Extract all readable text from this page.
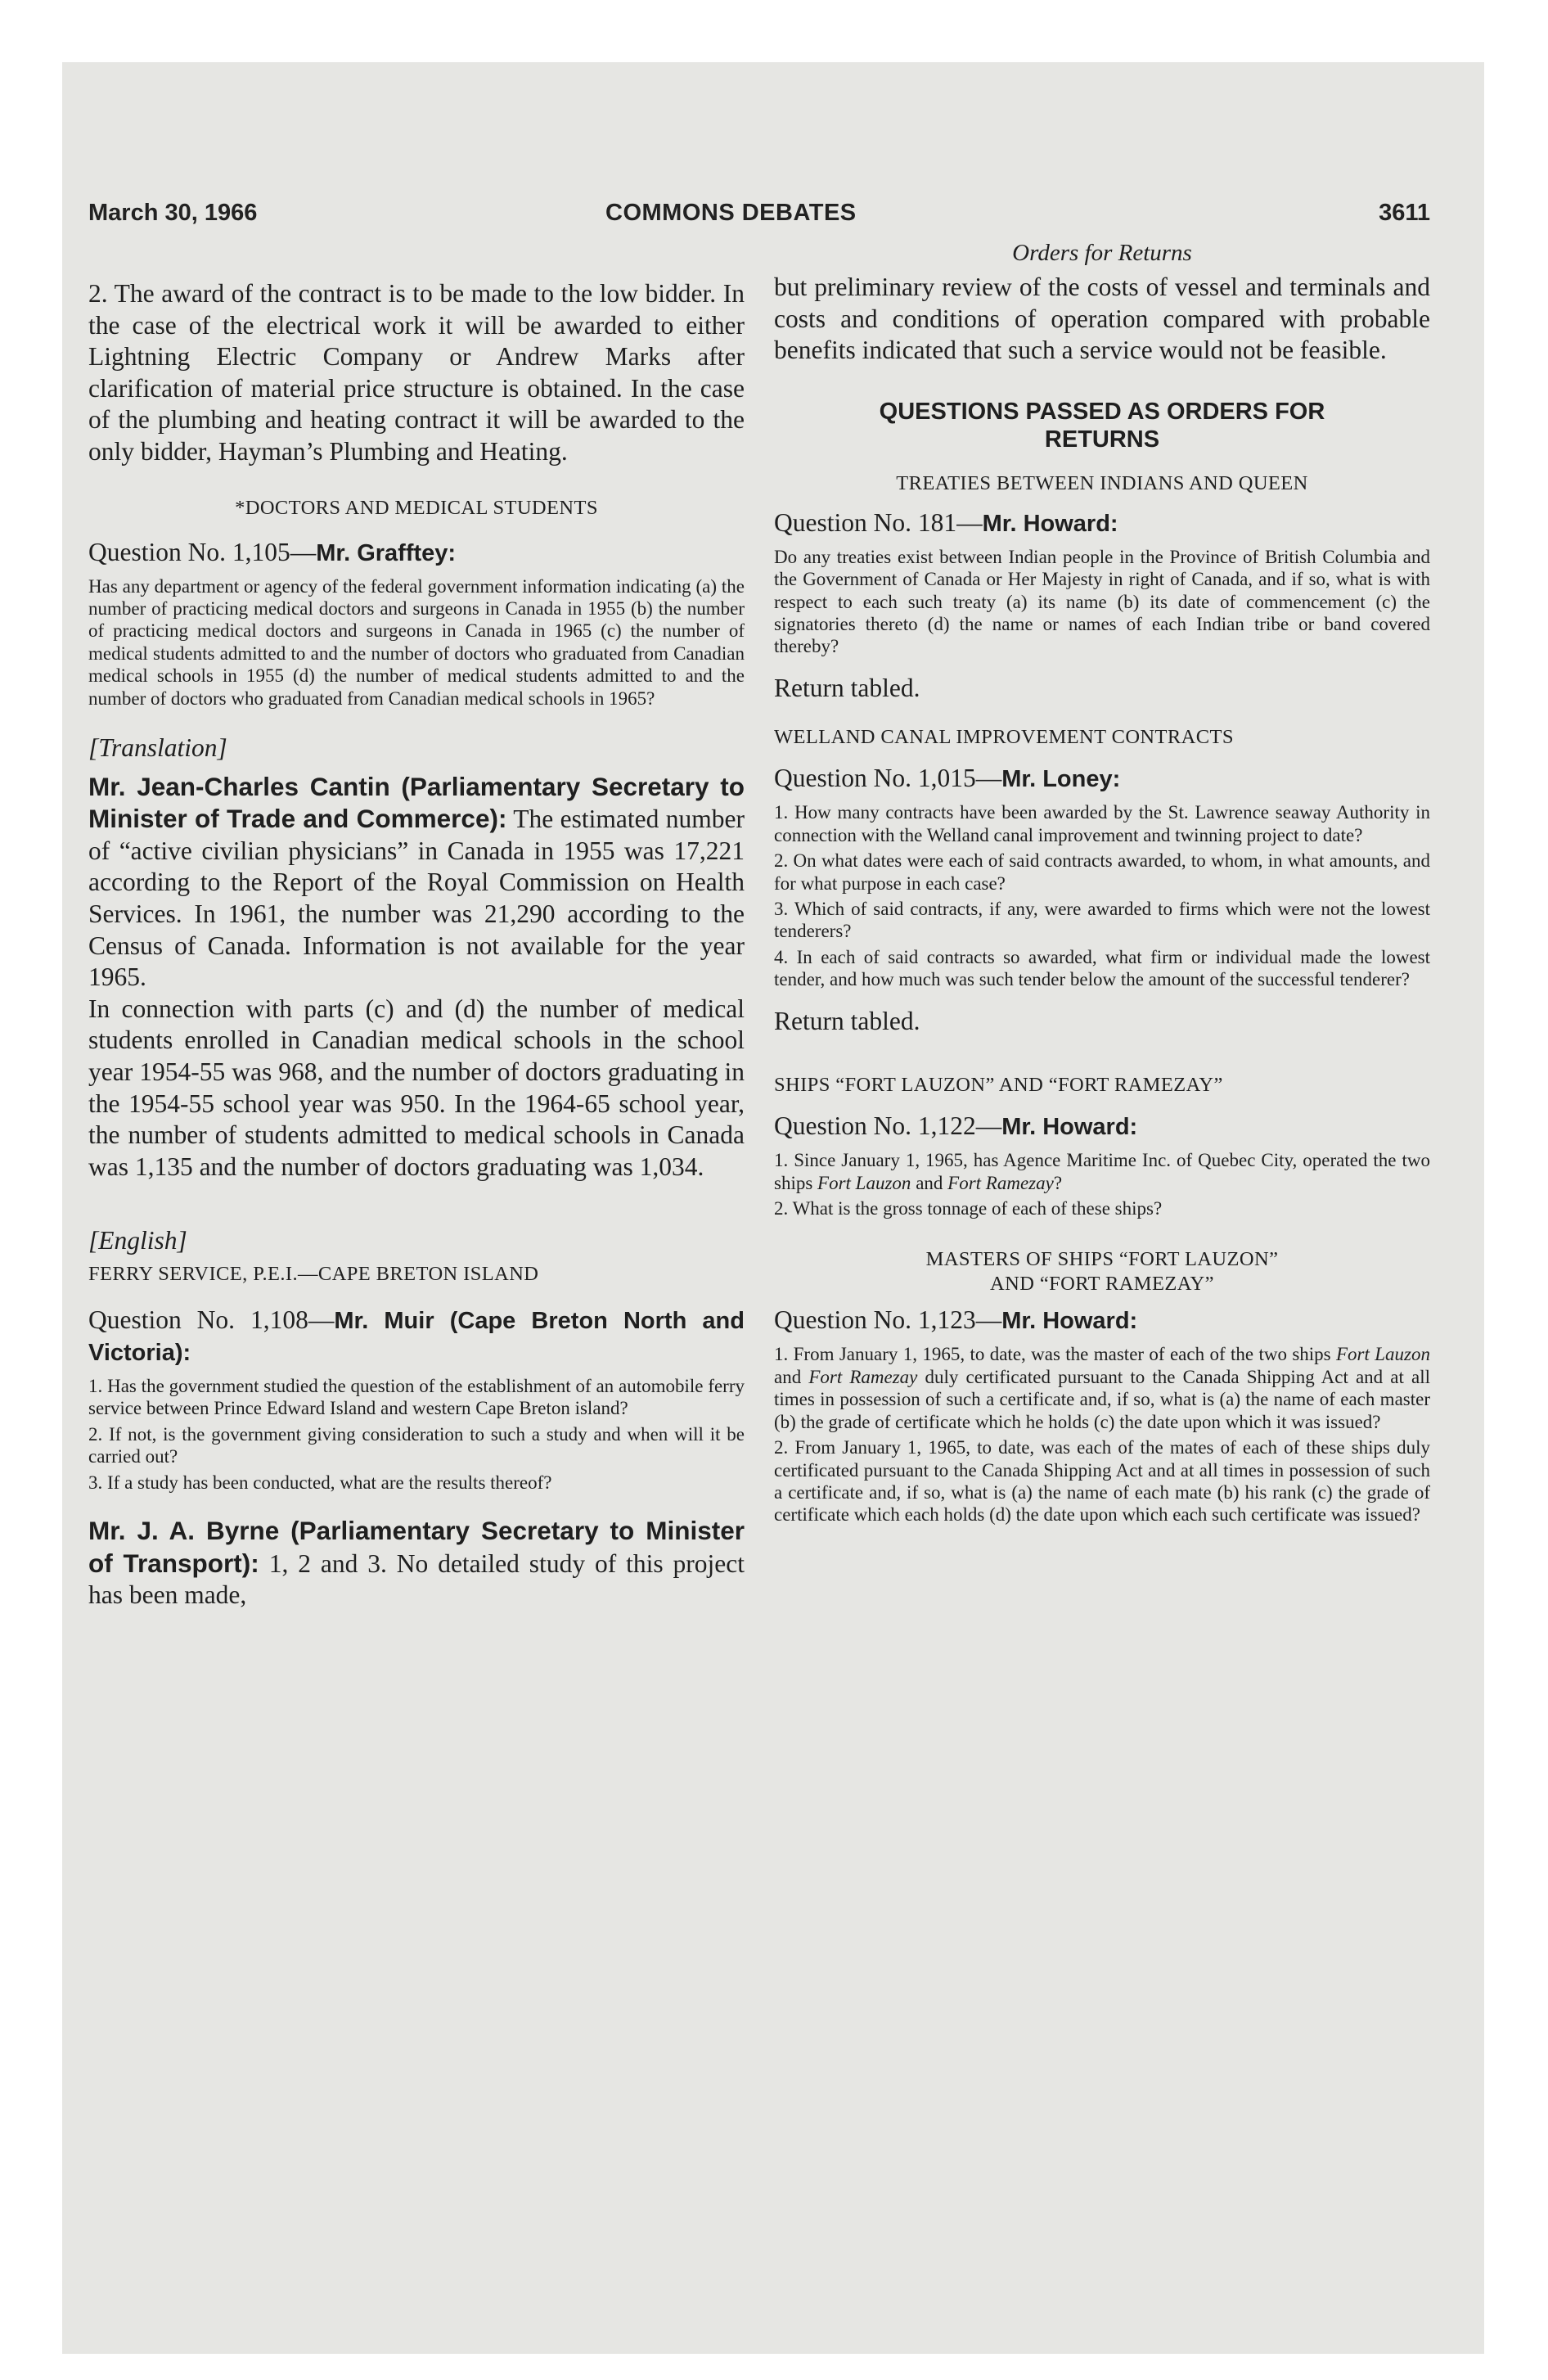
March 30, 1966	COMMONS DEBATES	3611

2. The award of the contract is to be made to the low bidder. In the case of the electrical work it will be awarded to either Lightning Electric Company or Andrew Marks after clarification of material price structure is obtained. In the case of the plumbing and heating contract it will be awarded to the only bidder, Hayman’s Plumbing and Heating.

*DOCTORS AND MEDICAL STUDENTS

Question No. 1,105—Mr. Grafftey:

Has any department or agency of the federal government information indicating (a) the number of practicing medical doctors and surgeons in Canada in 1955 (b) the number of practicing medical doctors and surgeons in Canada in 1965 (c) the number of medical students admitted to and the number of doctors who graduated from Canadian medical schools in 1955 (d) the number of medical students admitted to and the number of doctors who graduated from Canadian medical schools in 1965?

[Translation]

Mr. Jean-Charles Cantin (Parliamentary Secretary to Minister of Trade and Commerce): The estimated number of “active civilian physicians” in Canada in 1955 was 17,221 according to the Report of the Royal Commission on Health Services. In 1961, the number was 21,290 according to the Census of Canada. Information is not available for the year 1965.

In connection with parts (c) and (d) the number of medical students enrolled in Canadian medical schools in the school year 1954-55 was 968, and the number of doctors graduating in the 1954-55 school year was 950. In the 1964-65 school year, the number of students admitted to medical schools in Canada was 1,135 and the number of doctors graduating was 1,034.

[English]

FERRY SERVICE, P.E.I.—CAPE BRETON ISLAND

Question No. 1,108—Mr. Muir (Cape Breton North and Victoria):

1. Has the government studied the question of the establishment of an automobile ferry service between Prince Edward Island and western Cape Breton island?

2. If not, is the government giving consideration to such a study and when will it be carried out?

3. If a study has been conducted, what are the results thereof?

Mr. J. A. Byrne (Parliamentary Secretary to Minister of Transport): 1, 2 and 3. No detailed study of this project has been made,

Orders for Returns

but preliminary review of the costs of vessel and terminals and costs and conditions of operation compared with probable benefits indicated that such a service would not be feasible.

QUESTIONS PASSED AS ORDERS FOR RETURNS

TREATIES BETWEEN INDIANS AND QUEEN

Question No. 181—Mr. Howard:

Do any treaties exist between Indian people in the Province of British Columbia and the Government of Canada or Her Majesty in right of Canada, and if so, what is with respect to each such treaty (a) its name (b) its date of commencement (c) the signatories thereto (d) the name or names of each Indian tribe or band covered thereby?

Return tabled.

WELLAND CANAL IMPROVEMENT CONTRACTS

Question No. 1,015—Mr. Loney:

1. How many contracts have been awarded by the St. Lawrence seaway Authority in connection with the Welland canal improvement and twinning project to date?

2. On what dates were each of said contracts awarded, to whom, in what amounts, and for what purpose in each case?

3. Which of said contracts, if any, were awarded to firms which were not the lowest tenderers?

4. In each of said contracts so awarded, what firm or individual made the lowest tender, and how much was such tender below the amount of the successful tenderer?

Return tabled.

SHIPS “FORT LAUZON” AND “FORT RAMEZAY”

Question No. 1,122—Mr. Howard:

1. Since January 1, 1965, has Agence Maritime Inc. of Quebec City, operated the two ships Fort Lauzon and Fort Ramezay?

2. What is the gross tonnage of each of these ships?

MASTERS OF SHIPS “FORT LAUZON”

AND “FORT RAMEZAY”

Question No. 1,123—Mr. Howard:

1. From January 1, 1965, to date, was the master of each of the two ships Fort Lauzon and Fort Ramezay duly certificated pursuant to the Canada Shipping Act and at all times in possession of such a certificate and, if so, what is (a) the name of each master (b) the grade of certificate which he holds (c) the date upon which it was issued?

2. From January 1, 1965, to date, was each of the mates of each of these ships duly certificated pursuant to the Canada Shipping Act and at all times in possession of such a certificate and, if so, what is (a) the name of each mate (b) his rank (c) the grade of certificate which each holds (d) the date upon which each such certificate was issued?
